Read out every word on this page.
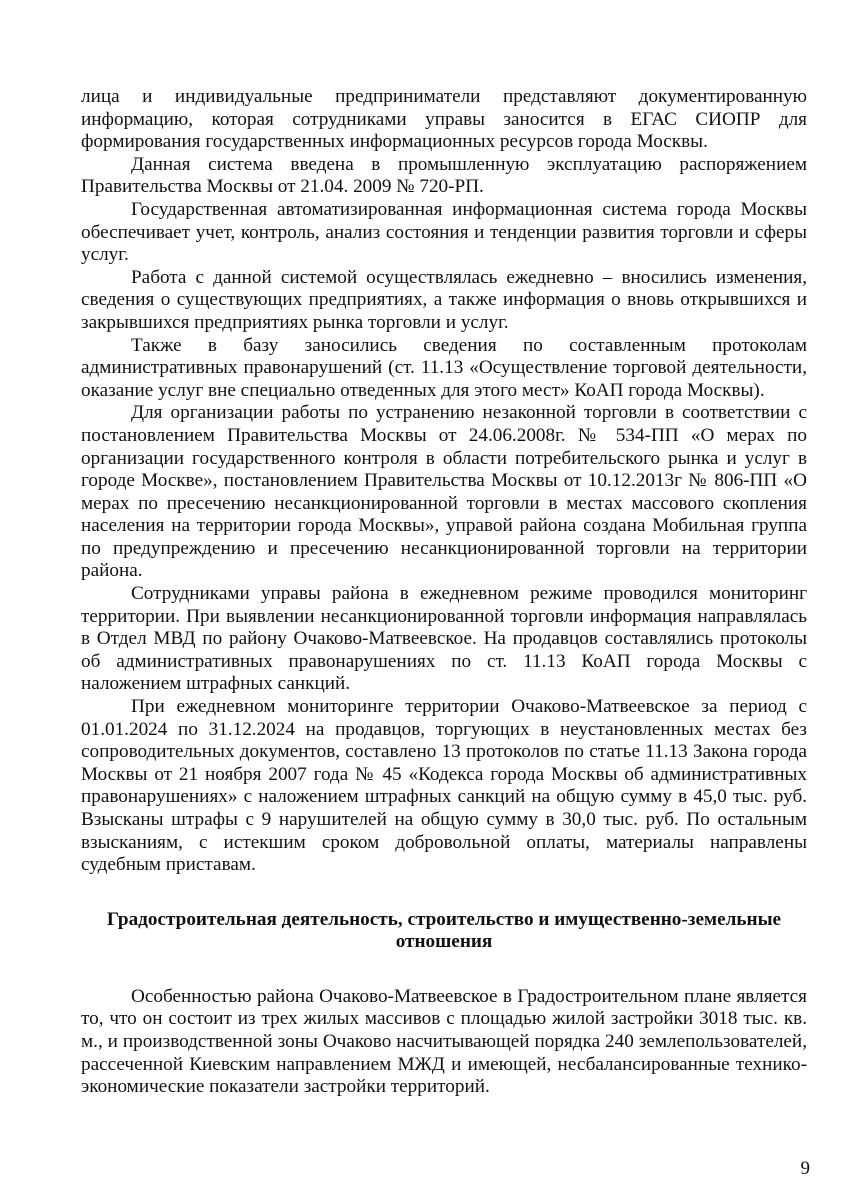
лица и индивидуальные предприниматели представляют документированную информацию, которая сотрудниками управы заносится в ЕГАС СИОПР для формирования государственных информационных ресурсов города Москвы.

Данная система введена в промышленную эксплуатацию распоряжением Правительства Москвы от 21.04. 2009 № 720-РП.

Государственная автоматизированная информационная система города Москвы обеспечивает учет, контроль, анализ состояния и тенденции развития торговли и сферы услуг.

Работа с данной системой осуществлялась ежедневно – вносились изменения, сведения о существующих предприятиях, а также информация о вновь открывшихся и закрывшихся предприятиях рынка торговли и услуг.

Также в базу заносились сведения по составленным протоколам административных правонарушений (ст. 11.13 «Осуществление торговой деятельности, оказание услуг вне специально отведенных для этого мест» КоАП города Москвы).

Для организации работы по устранению незаконной торговли в соответствии с постановлением Правительства Москвы от 24.06.2008г. № 534-ПП «О мерах по организации государственного контроля в области потребительского рынка и услуг в городе Москве», постановлением Правительства Москвы от 10.12.2013г № 806-ПП «О мерах по пресечению несанкционированной торговли в местах массового скопления населения на территории города Москвы», управой района создана Мобильная группа по предупреждению и пресечению несанкционированной торговли на территории района.

Сотрудниками управы района в ежедневном режиме проводился мониторинг территории. При выявлении несанкционированной торговли информация направлялась в Отдел МВД по району Очаково-Матвеевское. На продавцов составлялись протоколы об административных правонарушениях по ст. 11.13 КоАП города Москвы с наложением штрафных санкций.

При ежедневном мониторинге территории Очаково-Матвеевское за период с 01.01.2024 по 31.12.2024 на продавцов, торгующих в неустановленных местах без сопроводительных документов, составлено 13 протоколов по статье 11.13 Закона города Москвы от 21 ноября 2007 года № 45 «Кодекса города Москвы об административных правонарушениях» с наложением штрафных санкций на общую сумму в 45,0 тыс. руб. Взысканы штрафы с 9 нарушителей на общую сумму в 30,0 тыс. руб. По остальным взысканиям, с истекшим сроком добровольной оплаты, материалы направлены судебным приставам.

Градостроительная деятельность, строительство и имущественно-земельные отношения

Особенностью района Очаково-Матвеевское в Градостроительном плане является то, что он состоит из трех жилых массивов с площадью жилой застройки 3018 тыс. кв. м., и производственной зоны Очаково насчитывающей порядка 240 землепользователей, рассеченной Киевским направлением МЖД и имеющей, несбалансированные технико-экономические показатели застройки территорий.

9
